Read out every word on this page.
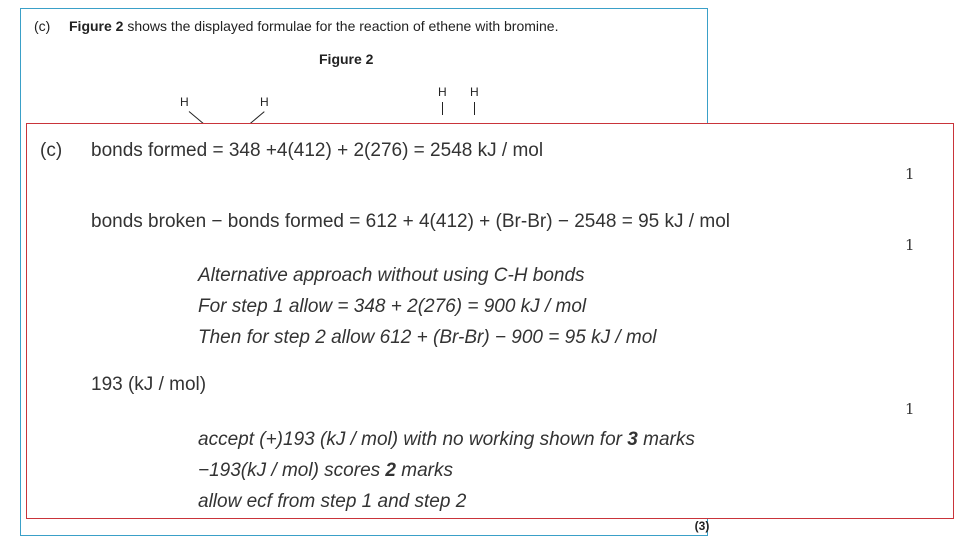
(c) Figure 2 shows the displayed formulae for the reaction of ethene with bromine.
Figure 2
H	H
H H
(3)
(c) bonds formed = 348 +4(412) + 2(276) = 2548 kJ / mol
1
bonds broken − bonds formed = 612 + 4(412) + (Br-Br) − 2548 = 95 kJ / mol
1
Alternative approach without using C-H bonds
For step 1 allow = 348 + 2(276) = 900 kJ / mol
Then for step 2 allow 612 + (Br-Br) − 900 = 95 kJ / mol
193 (kJ / mol)
1
accept (+)193 (kJ / mol) with no working shown for 3 marks
−193(kJ / mol) scores 2 marks
allow ecf from step 1 and step 2
